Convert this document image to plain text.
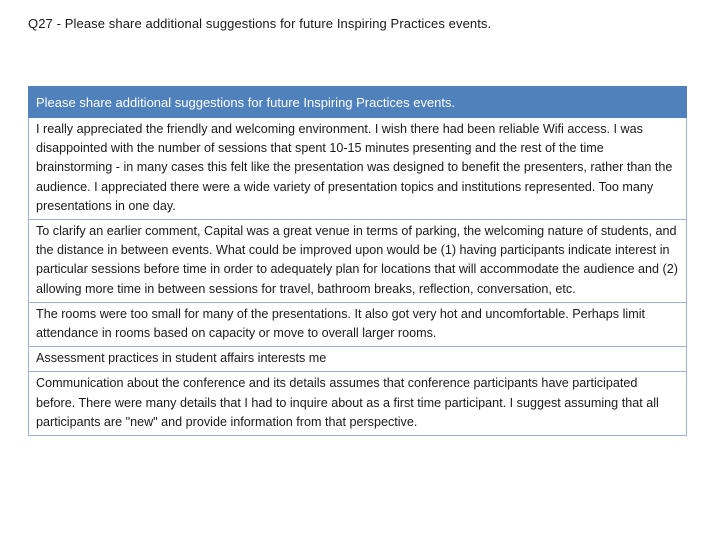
Q27 - Please share additional suggestions for future Inspiring Practices events.
Please share additional suggestions for future Inspiring Practices events.
I really appreciated the friendly and welcoming environment. I wish there had been reliable Wifi access. I was disappointed with the number of sessions that spent 10-15 minutes presenting and the rest of the time brainstorming - in many cases this felt like the presentation was designed to benefit the presenters, rather than the audience. I appreciated there were a wide variety of presentation topics and institutions represented. Too many presentations in one day.
To clarify an earlier comment, Capital was a great venue in terms of parking, the welcoming nature of students, and the distance in between events. What could be improved upon would be (1) having participants indicate interest in particular sessions before time in order to adequately plan for locations that will accommodate the audience and (2) allowing more time in between sessions for travel, bathroom breaks, reflection, conversation, etc.
The rooms were too small for many of the presentations. It also got very hot and uncomfortable. Perhaps limit attendance in rooms based on capacity or move to overall larger rooms.
Assessment practices in student affairs interests me
Communication about the conference and its details assumes that conference participants have participated before. There were many details that I had to inquire about as a first time participant. I suggest assuming that all participants are "new" and provide information from that perspective.
